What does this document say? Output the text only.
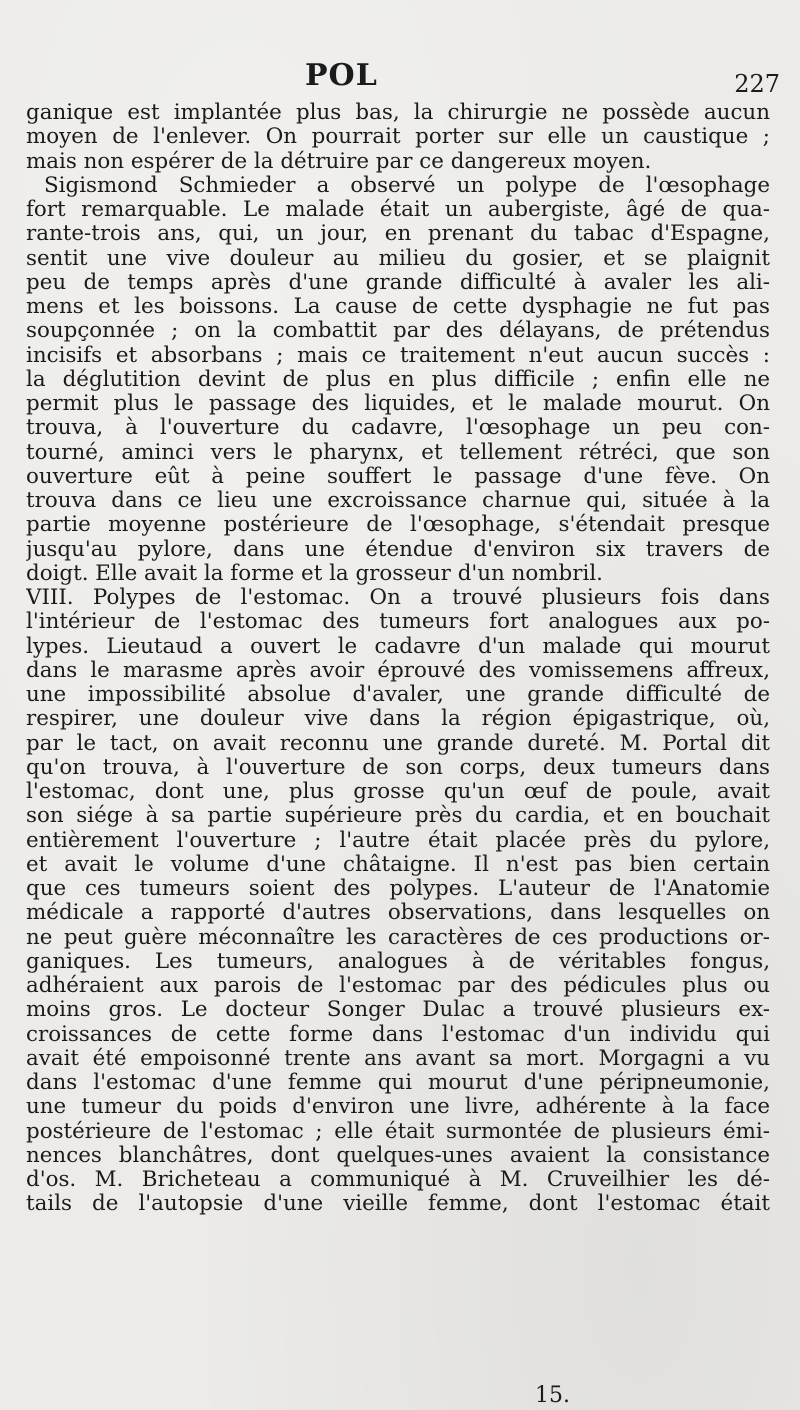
POL	227
ganique est implantée plus bas, la chirurgie ne possède aucun
moyen de l'enlever. On pourrait porter sur elle un caustique ;
mais non espérer de la détruire par ce dangereux moyen.
Sigismond Schmieder a observé un polype de l'œsophage
fort remarquable. Le malade était un aubergiste, âgé de qua-
rante-trois ans, qui, un jour, en prenant du tabac d'Espagne,
sentit une vive douleur au milieu du gosier, et se plaignit
peu de temps après d'une grande difficulté à avaler les ali-
mens et les boissons. La cause de cette dysphagie ne fut pas
soupçonnée ; on la combattit par des délayans, de prétendus
incisifs et absorbans ; mais ce traitement n'eut aucun succès :
la déglutition devint de plus en plus difficile ; enfin elle ne
permit plus le passage des liquides, et le malade mourut. On
trouva, à l'ouverture du cadavre, l'œsophage un peu con-
tourné, aminci vers le pharynx, et tellement rétréci, que son
ouverture eût à peine souffert le passage d'une fève. On
trouva dans ce lieu une excroissance charnue qui, située à la
partie moyenne postérieure de l'œsophage, s'étendait presque
jusqu'au pylore, dans une étendue d'environ six travers de
doigt. Elle avait la forme et la grosseur d'un nombril.
VIII. Polypes de l'estomac. On a trouvé plusieurs fois dans
l'intérieur de l'estomac des tumeurs fort analogues aux po-
lypes. Lieutaud a ouvert le cadavre d'un malade qui mourut
dans le marasme après avoir éprouvé des vomissemens affreux,
une impossibilité absolue d'avaler, une grande difficulté de
respirer, une douleur vive dans la région épigastrique, où,
par le tact, on avait reconnu une grande dureté. M. Portal dit
qu'on trouva, à l'ouverture de son corps, deux tumeurs dans
l'estomac, dont une, plus grosse qu'un œuf de poule, avait
son siége à sa partie supérieure près du cardia, et en bouchait
entièrement l'ouverture ; l'autre était placée près du pylore,
et avait le volume d'une châtaigne. Il n'est pas bien certain
que ces tumeurs soient des polypes. L'auteur de l'Anatomie
médicale a rapporté d'autres observations, dans lesquelles on
ne peut guère méconnaître les caractères de ces productions or-
ganiques. Les tumeurs, analogues à de véritables fongus,
adhéraient aux parois de l'estomac par des pédicules plus ou
moins gros. Le docteur Songer Dulac a trouvé plusieurs ex-
croissances de cette forme dans l'estomac d'un individu qui
avait été empoisonné trente ans avant sa mort. Morgagni a vu
dans l'estomac d'une femme qui mourut d'une péripneumonie,
une tumeur du poids d'environ une livre, adhérente à la face
postérieure de l'estomac ; elle était surmontée de plusieurs émi-
nences blanchâtres, dont quelques-unes avaient la consistance
d'os. M. Bricheteau a communiqué à M. Cruveilhier les dé-
tails de l'autopsie d'une vieille femme, dont l'estomac était
15.
